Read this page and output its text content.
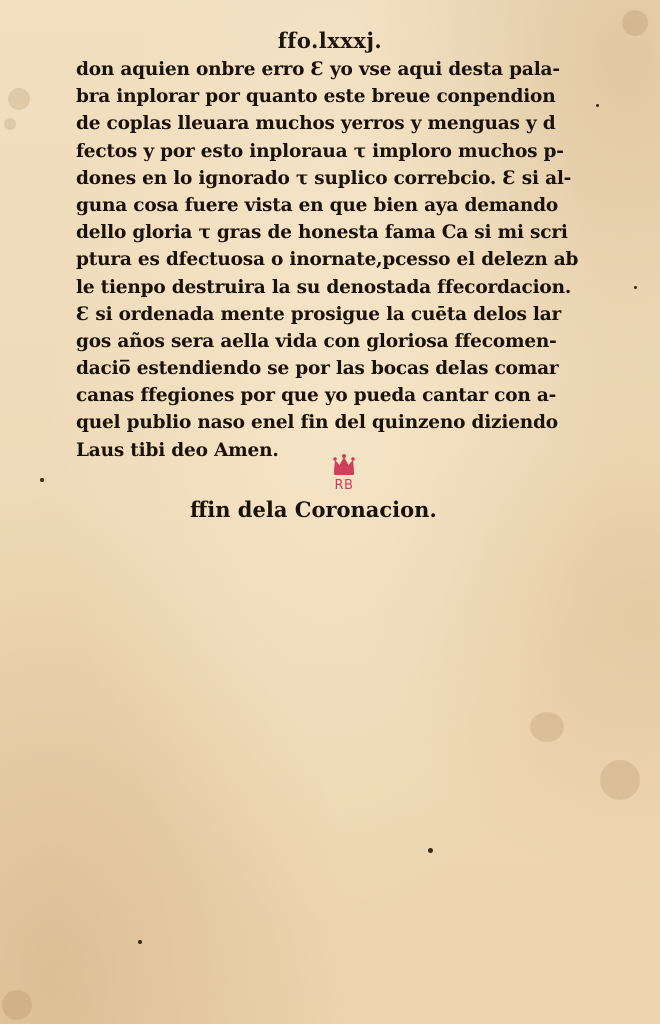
ffo.lxxxj.
don aquien onbre erro Ɛ yo vse aqui desta pala-
bra inplorar por quanto este breue conpendion
de coplas lleuara muchos yerros y menguas y d
fectos y por esto inploraua τ imploro muchos p-
dones en lo ignorado τ suplico correbcio. Ɛ si al-
guna cosa fuere vista en que bien aya demando
dello gloria τ gras de honesta fama Ca si mi scri
ptura es dfectuosa o inornate,pcesso el delezn ab
le tienpo destruira la su denostada ffecordacion.
Ɛ si ordenada mente prosigue la cuēta delos lar
gos años sera aella vida con gloriosa ffecomen-
dacio̅ estendiendo se por las bocas delas comar
canas ffegiones por que yo pueda cantar con a-
quel publio naso enel fin del quinzeno diziendo
Laus tibi deo Amen.
RB
ffin dela Coronacion.
